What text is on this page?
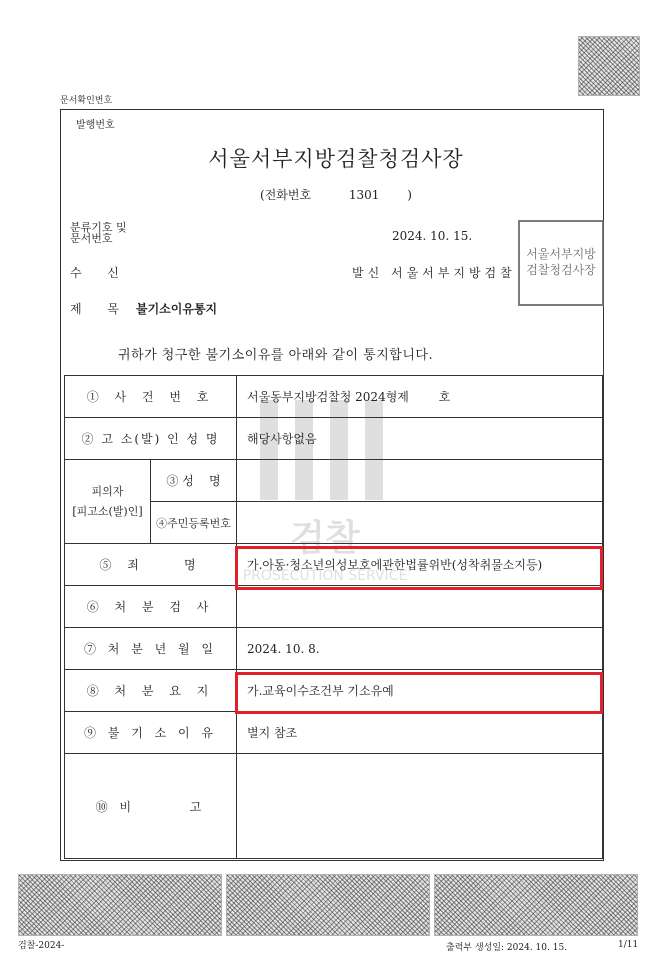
문서확인번호
발행번호
서울서부지방검찰청검사장
(전화번호	1301 )
분류기호 및
문서번호	2024. 10. 15.
수  신	발신 서울서부지방검찰
제  목 불기소이유통지
서울서부지방검찰청검사장
귀하가 청구한 불기소이유를 아래와 같이 통지합니다.
검찰
PROSECUTION SERVICE
① 사 건 번 호		서울동부지방검찰청 2024형제 호
② 고 소(발) 인 성 명		해당사항없음

피의자
[피고소(발)인]	③ 성    명	
	④주민등록번호	
⑤ 죄    명		가.아동·청소년의성보호에관한법률위반(성착취물소지등)
⑥ 처 분 검 사		
⑦ 처 분 년 월 일		2024. 10. 8.
⑧ 처 분 요 지		가.교육이수조건부 기소유예
⑨ 불 기 소 이 유		별지 참조
⑩ 비       고		
검찰-2024-	출력부 생성일: 2024. 10. 15.	1/11
